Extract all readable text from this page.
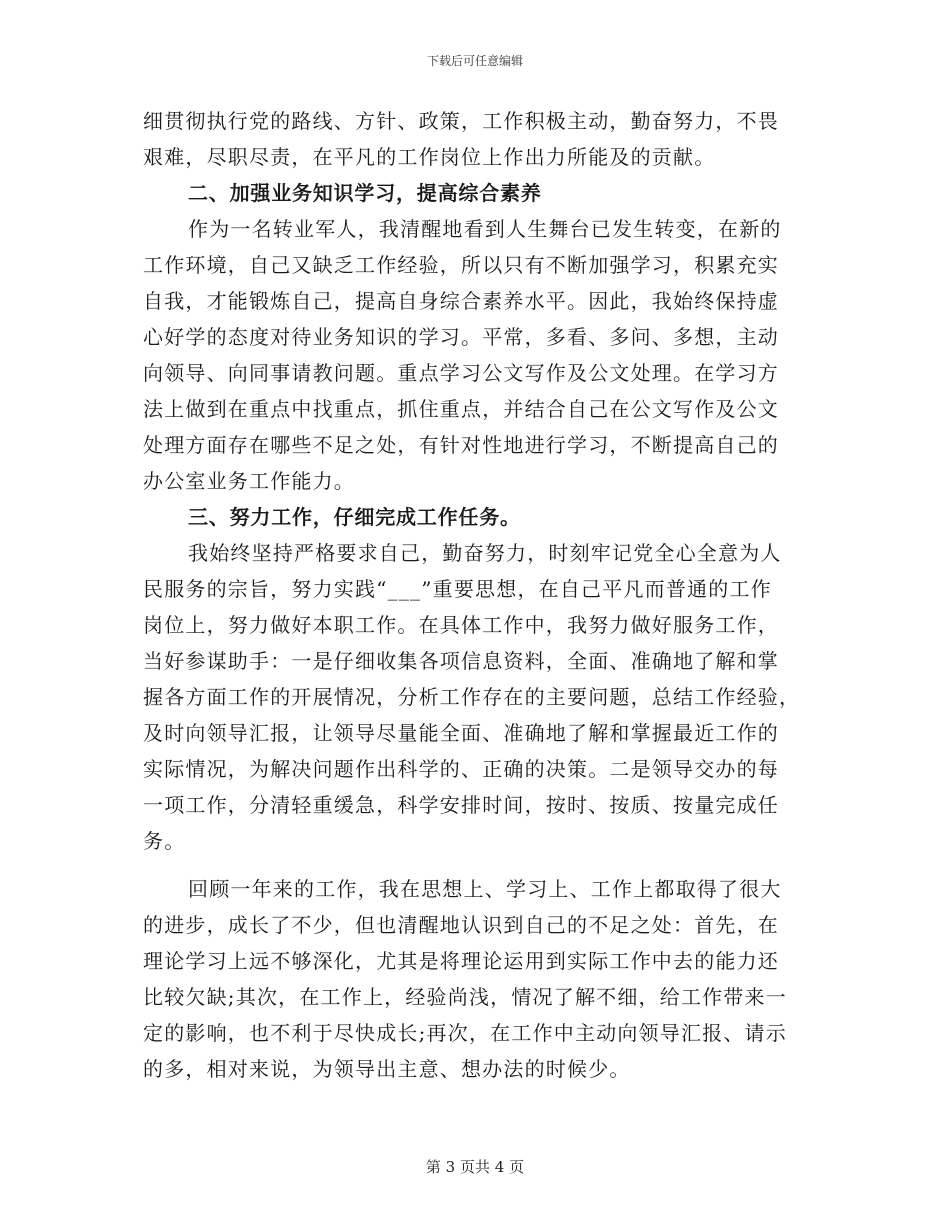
下载后可任意编辑
细贯彻执行党的路线、方针、政策，工作积极主动，勤奋努力，不畏
艰难，尽职尽责，在平凡的工作岗位上作出力所能及的贡献。
二、加强业务知识学习，提高综合素养
作为一名转业军人，我清醒地看到人生舞台已发生转变，在新的
工作环境，自己又缺乏工作经验，所以只有不断加强学习，积累充实
自我，才能锻炼自己，提高自身综合素养水平。因此，我始终保持虚
心好学的态度对待业务知识的学习。平常，多看、多问、多想，主动
向领导、向同事请教问题。重点学习公文写作及公文处理。在学习方
法上做到在重点中找重点，抓住重点，并结合自己在公文写作及公文
处理方面存在哪些不足之处，有针对性地进行学习，不断提高自己的
办公室业务工作能力。
三、努力工作，仔细完成工作任务。
我始终坚持严格要求自己，勤奋努力，时刻牢记党全心全意为人
民服务的宗旨，努力实践“___”重要思想，在自己平凡而普通的工作
岗位上，努力做好本职工作。在具体工作中，我努力做好服务工作，
当好参谋助手：一是仔细收集各项信息资料，全面、准确地了解和掌
握各方面工作的开展情况，分析工作存在的主要问题，总结工作经验，
及时向领导汇报，让领导尽量能全面、准确地了解和掌握最近工作的
实际情况，为解决问题作出科学的、正确的决策。二是领导交办的每
一项工作，分清轻重缓急，科学安排时间，按时、按质、按量完成任
务。
回顾一年来的工作，我在思想上、学习上、工作上都取得了很大
的进步，成长了不少，但也清醒地认识到自己的不足之处：首先，在
理论学习上远不够深化，尤其是将理论运用到实际工作中去的能力还
比较欠缺;其次，在工作上，经验尚浅，情况了解不细，给工作带来一
定的影响，也不利于尽快成长;再次，在工作中主动向领导汇报、请示
的多，相对来说，为领导出主意、想办法的时候少。
第 3 页共 4 页
